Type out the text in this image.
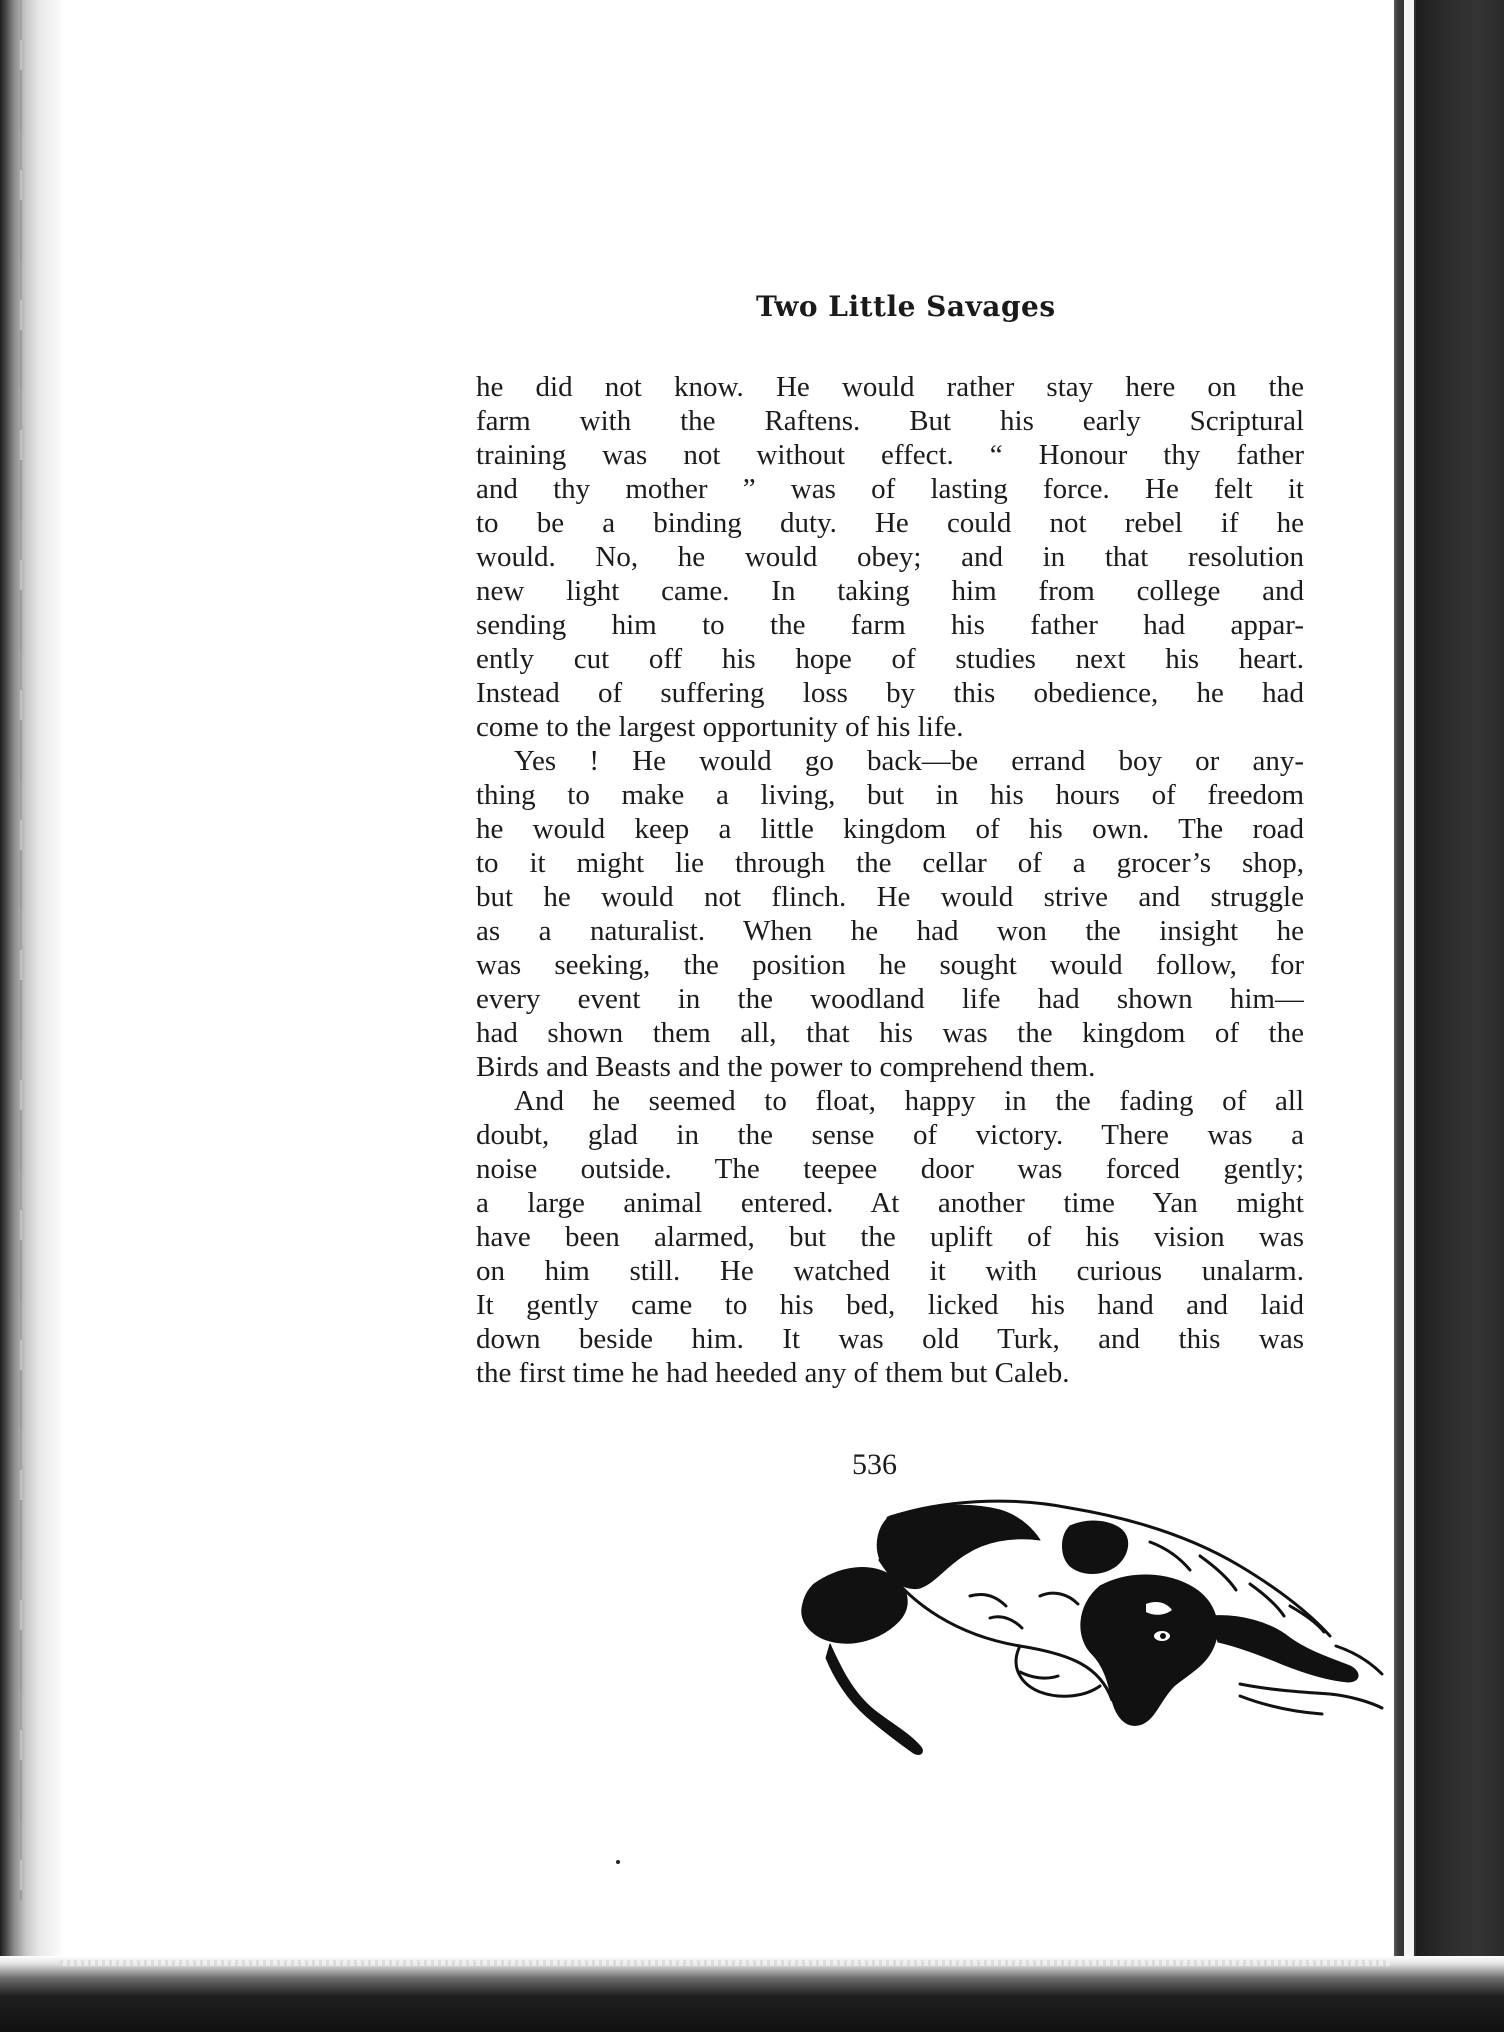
Two Little Savages
he did not know. He would rather stay here on the
farm with the Raftens. But his early Scriptural
training was not without effect. “ Honour thy father
and thy mother ” was of lasting force. He felt it
to be a binding duty. He could not rebel if he
would. No, he would obey; and in that resolution
new light came. In taking him from college and
sending him to the farm his father had appar-
ently cut off his hope of studies next his heart.
Instead of suffering loss by this obedience, he had
come to the largest opportunity of his life.
Yes ! He would go back—be errand boy or any-
thing to make a living, but in his hours of freedom
he would keep a little kingdom of his own. The road
to it might lie through the cellar of a grocer’s shop,
but he would not flinch. He would strive and struggle
as a naturalist. When he had won the insight he
was seeking, the position he sought would follow, for
every event in the woodland life had shown him—
had shown them all, that his was the kingdom of the
Birds and Beasts and the power to comprehend them.
And he seemed to float, happy in the fading of all
doubt, glad in the sense of victory. There was a
noise outside. The teepee door was forced gently;
a large animal entered. At another time Yan might
have been alarmed, but the uplift of his vision was
on him still. He watched it with curious unalarm.
It gently came to his bed, licked his hand and laid
down beside him. It was old Turk, and this was
the first time he had heeded any of them but Caleb.
536
